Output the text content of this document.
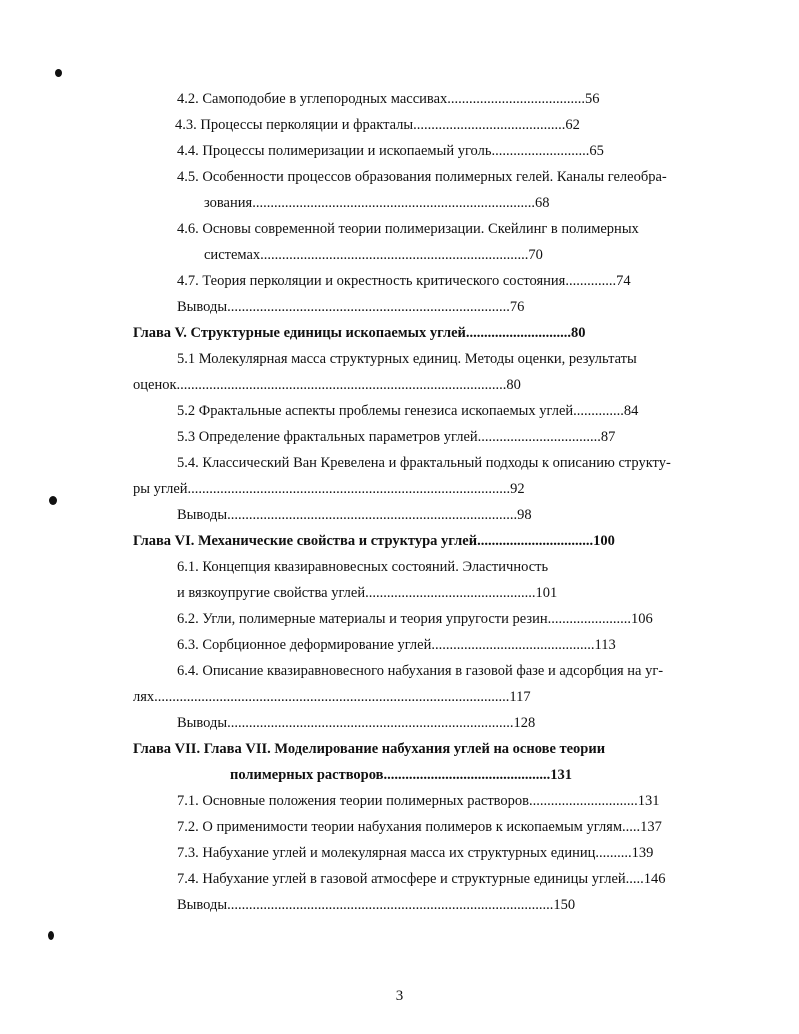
4.2. Самоподобие в углепородных массивах......................................56
4.3. Процессы перколяции и фракталы..........................................62
4.4. Процессы полимеризации и ископаемый уголь...........................65
4.5. Особенности процессов образования полимерных гелей. Каналы гелеобра-
зования..............................................................................68
4.6. Основы современной теории полимеризации. Скейлинг в полимерных
системах..........................................................................70
4.7. Теория перколяции и окрестность критического состояния..............74
Выводы..............................................................................76
Глава V. Структурные единицы ископаемых углей.............................80
5.1 Молекулярная масса структурных единиц. Методы оценки, результаты
оценок...........................................................................................80
5.2 Фрактальные аспекты проблемы генезиса ископаемых углей..............84
5.3 Определение фрактальных параметров углей..................................87
5.4. Классический Ван Кревелена и фрактальный подходы к описанию структу-
ры углей.........................................................................................92
Выводы................................................................................98
Глава VI. Механические свойства и структура углей................................100
6.1. Концепция квазиравновесных состояний. Эластичность
и вязкоупругие свойства углей...............................................101
6.2. Угли, полимерные материалы и теория упругости резин.......................106
6.3. Сорбционное деформирование углей.............................................113
6.4. Описание квазиравновесного набухания в газовой фазе и адсорбция на уг-
лях..................................................................................................117
Выводы...............................................................................128
Глава VII. Глава VII. Моделирование набухания углей на основе теории
полимерных растворов..............................................131
7.1. Основные положения теории полимерных растворов..............................131
7.2. О применимости теории набухания полимеров к ископаемым углям.....137
7.3. Набухание углей и молекулярная масса их структурных единиц..........139
7.4. Набухание углей в газовой атмосфере и структурные единицы углей.....146
Выводы..........................................................................................150
3
